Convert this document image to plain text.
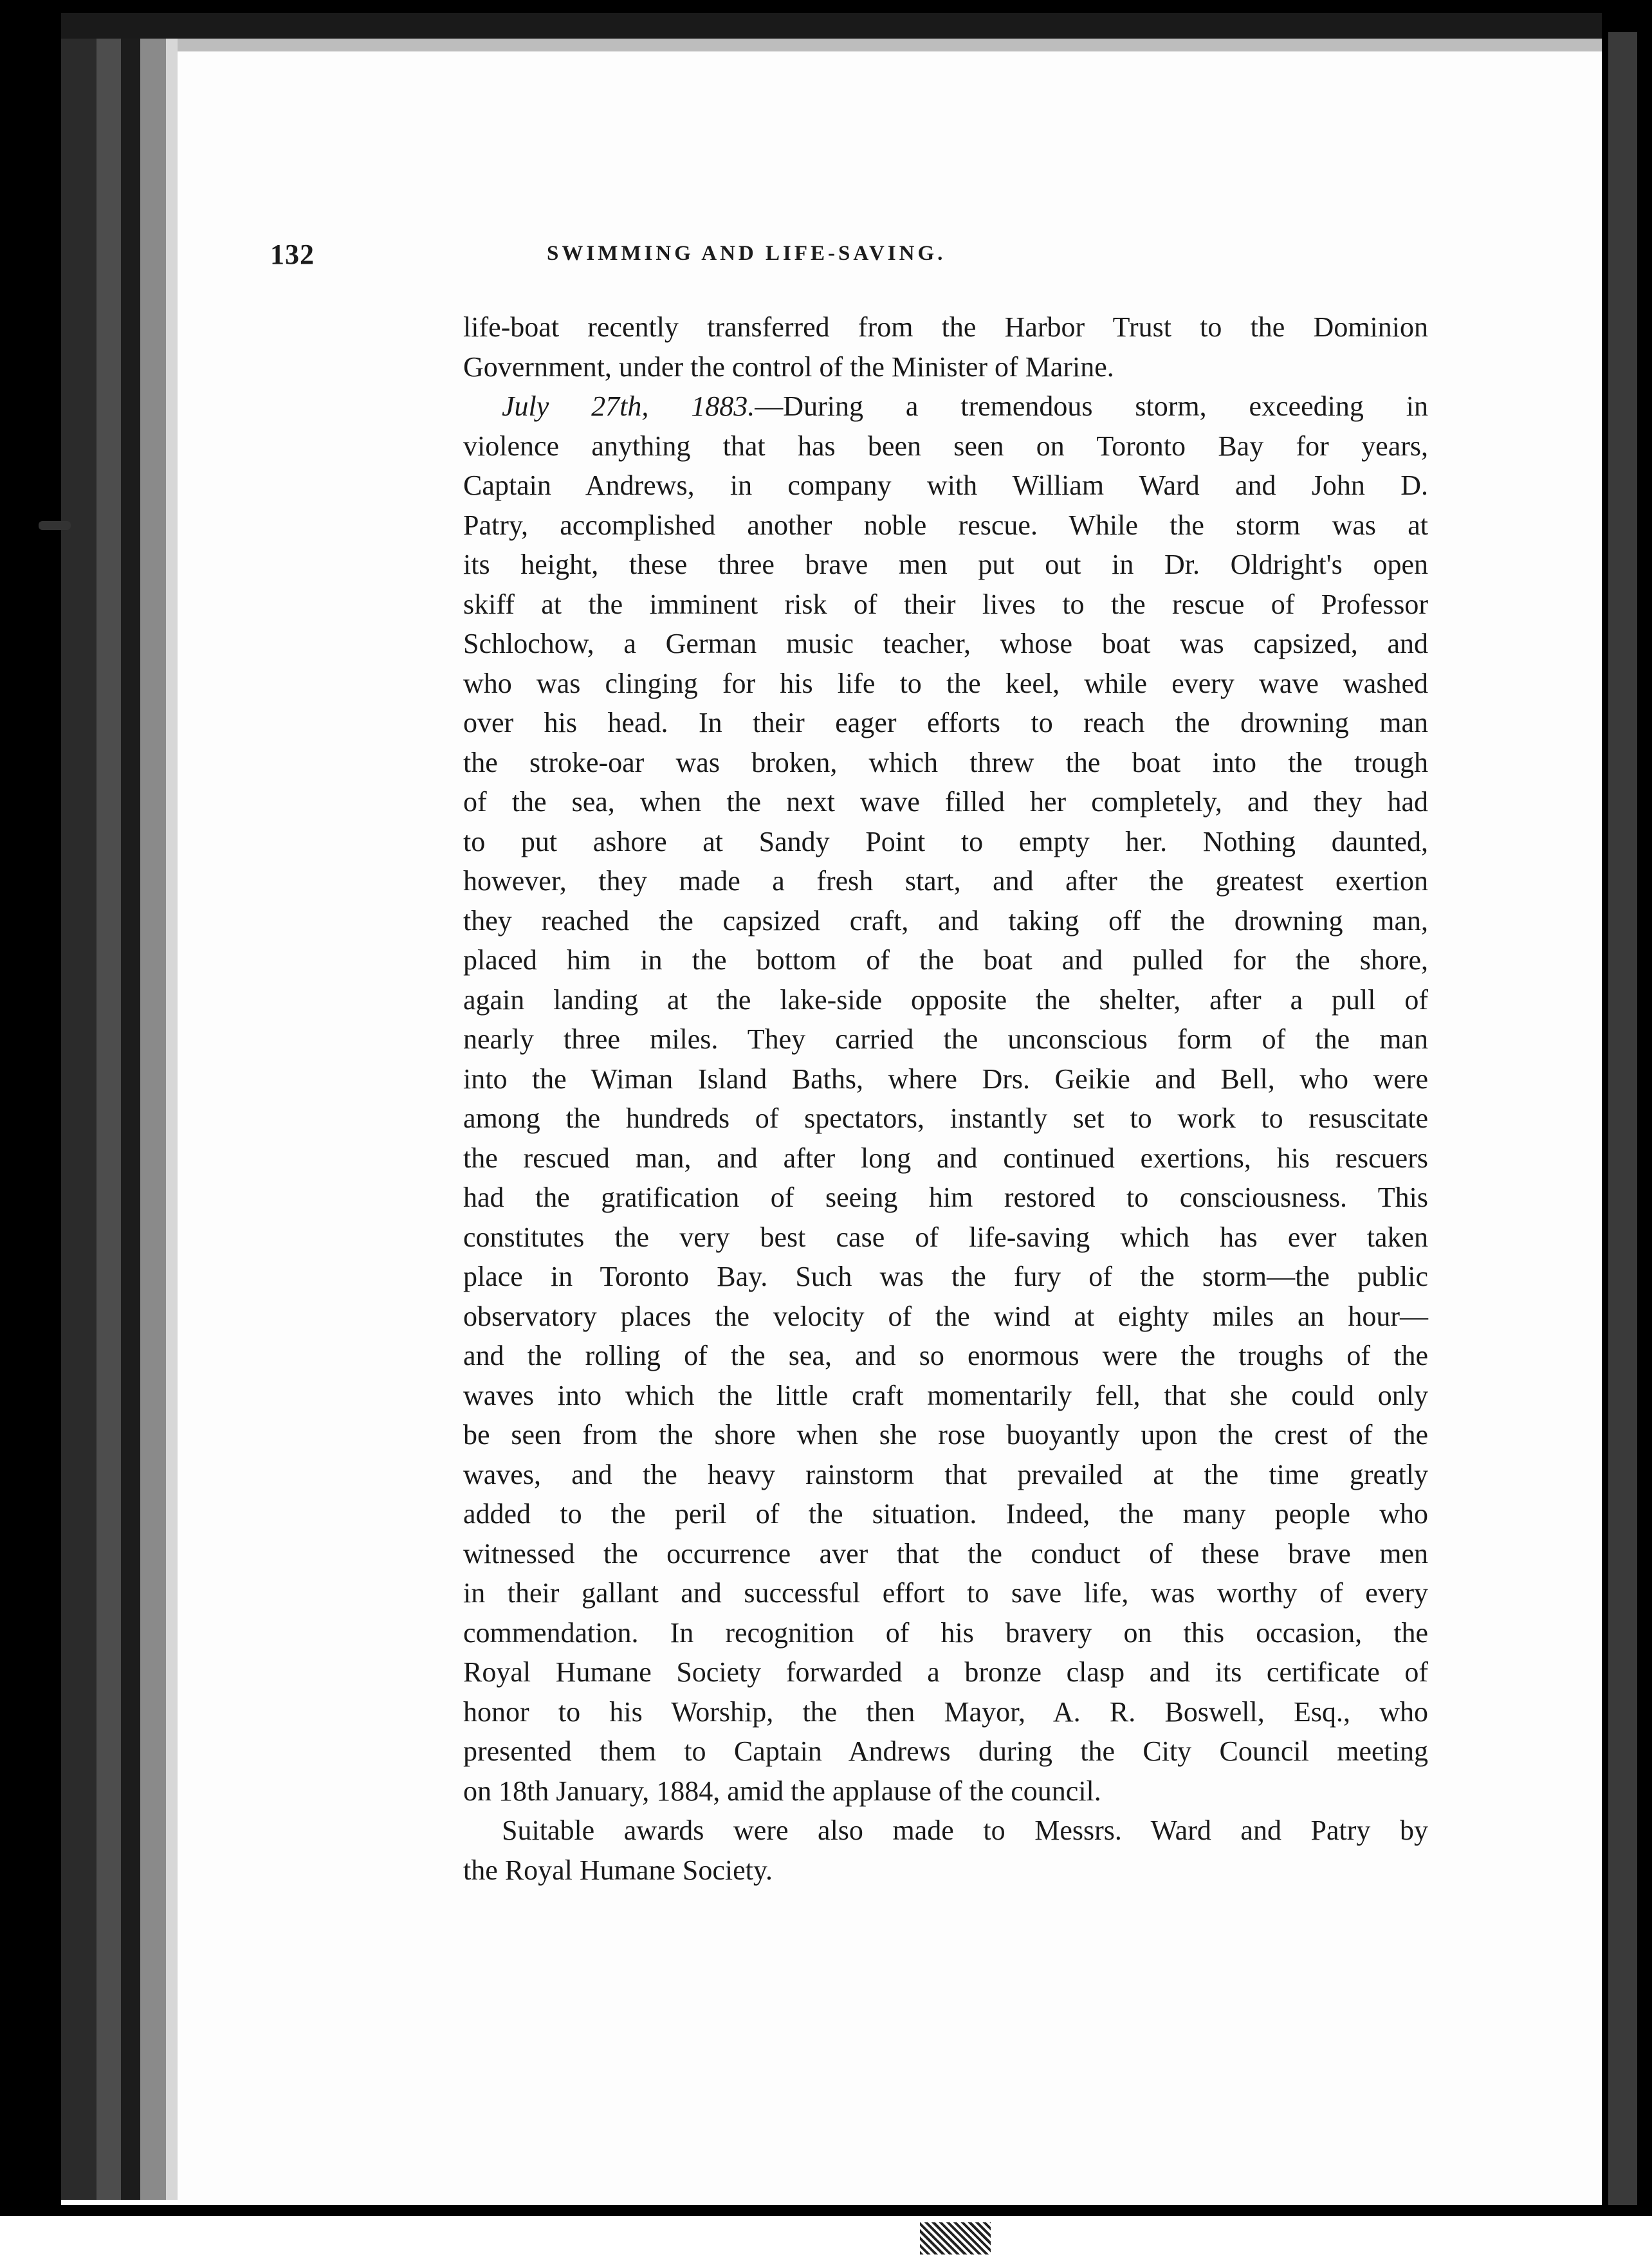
132	SWIMMING AND LIFE-SAVING.
life-boat recently transferred from the Harbor Trust to the Dominion
Government, under the control of the Minister of Marine.
July 27th, 1883.—During a tremendous storm, exceeding in
violence anything that has been seen on Toronto Bay for years,
Captain Andrews, in company with William Ward and John D.
Patry, accomplished another noble rescue. While the storm was at
its height, these three brave men put out in Dr. Oldright's open
skiff at the imminent risk of their lives to the rescue of Professor
Schlochow, a German music teacher, whose boat was capsized, and
who was clinging for his life to the keel, while every wave washed
over his head. In their eager efforts to reach the drowning man
the stroke-oar was broken, which threw the boat into the trough
of the sea, when the next wave filled her completely, and they had
to put ashore at Sandy Point to empty her. Nothing daunted,
however, they made a fresh start, and after the greatest exertion
they reached the capsized craft, and taking off the drowning man,
placed him in the bottom of the boat and pulled for the shore,
again landing at the lake-side opposite the shelter, after a pull of
nearly three miles. They carried the unconscious form of the man
into the Wiman Island Baths, where Drs. Geikie and Bell, who were
among the hundreds of spectators, instantly set to work to resuscitate
the rescued man, and after long and continued exertions, his rescuers
had the gratification of seeing him restored to consciousness. This
constitutes the very best case of life-saving which has ever taken
place in Toronto Bay. Such was the fury of the storm—the public
observatory places the velocity of the wind at eighty miles an hour—
and the rolling of the sea, and so enormous were the troughs of the
waves into which the little craft momentarily fell, that she could only
be seen from the shore when she rose buoyantly upon the crest of the
waves, and the heavy rainstorm that prevailed at the time greatly
added to the peril of the situation. Indeed, the many people who
witnessed the occurrence aver that the conduct of these brave men
in their gallant and successful effort to save life, was worthy of every
commendation. In recognition of his bravery on this occasion, the
Royal Humane Society forwarded a bronze clasp and its certificate of
honor to his Worship, the then Mayor, A. R. Boswell, Esq., who
presented them to Captain Andrews during the City Council meeting
on 18th January, 1884, amid the applause of the council.
Suitable awards were also made to Messrs. Ward and Patry by
the Royal Humane Society.
